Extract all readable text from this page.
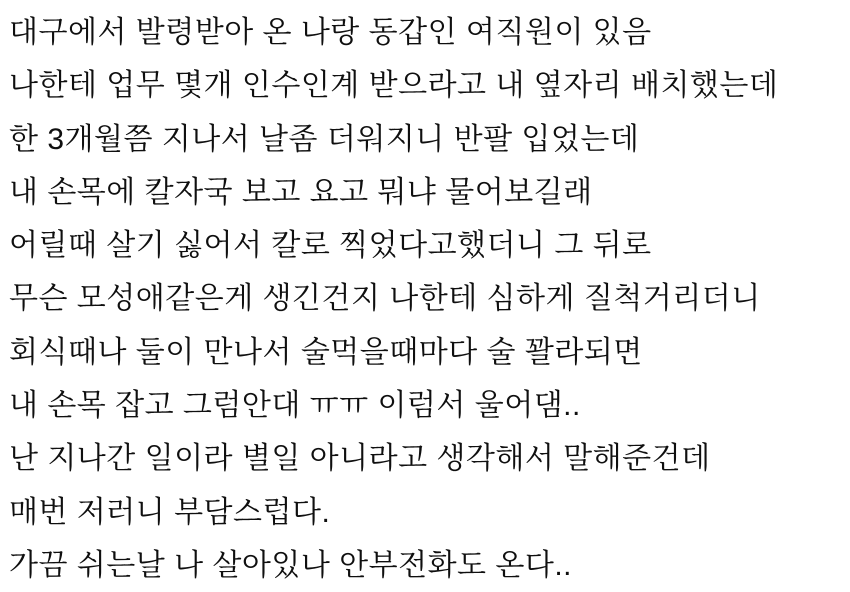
대구에서 발령받아 온 나랑 동갑인 여직원이 있음

나한테 업무 몇개 인수인계 받으라고 내 옆자리 배치했는데

한 3개월쯤 지나서 날좀 더워지니 반팔 입었는데

내 손목에 칼자국 보고 요고 뭐냐 물어보길래

어릴때 살기 싫어서 칼로 찍었다고했더니 그 뒤로

무슨 모성애같은게 생긴건지 나한테 심하게 질척거리더니

회식때나 둘이 만나서 술먹을때마다 술 꽐라되면

내 손목 잡고 그럼안대 ㅠㅠ 이럼서 울어댐..

난 지나간 일이라 별일 아니라고 생각해서 말해준건데

매번 저러니 부담스럽다.

가끔 쉬는날 나 살아있나 안부전화도 온다..
